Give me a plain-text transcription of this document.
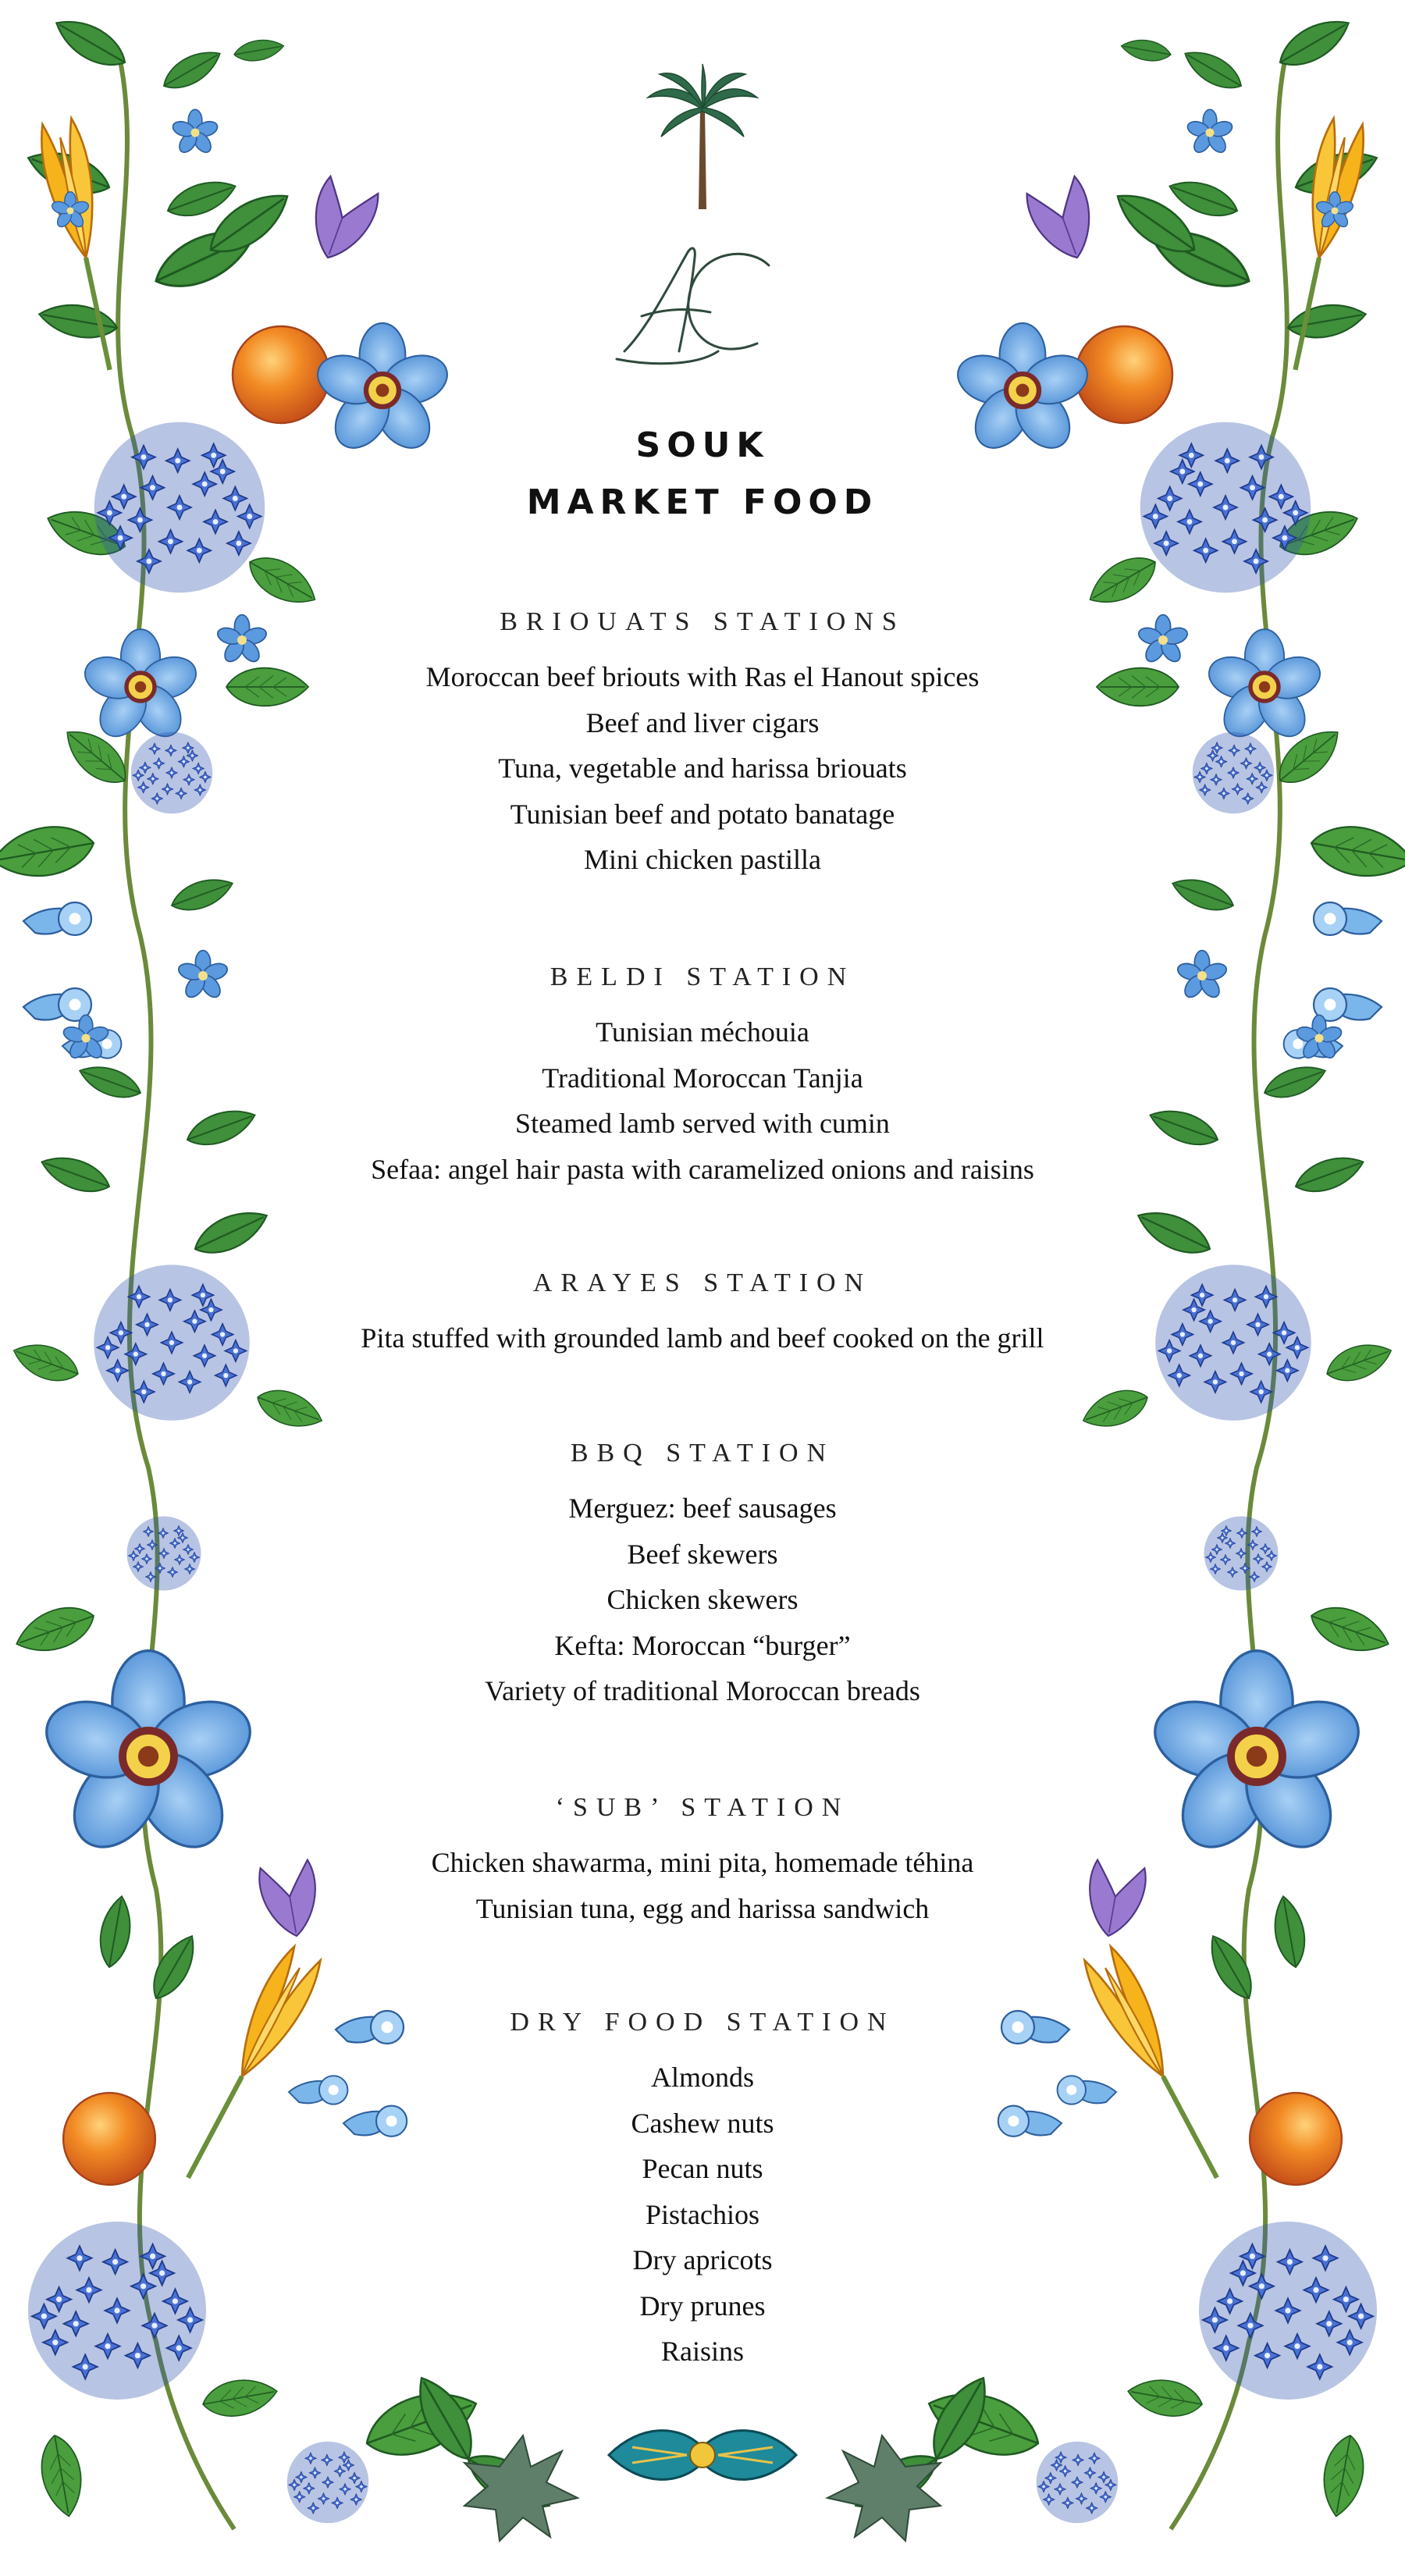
SOUK
MARKET FOOD
BRIOUATS STATIONS
Moroccan beef briouts with Ras el Hanout spices
Beef and liver cigars
Tuna, vegetable and harissa briouats
Tunisian beef and potato banatage
Mini chicken pastilla
BELDI STATION
Tunisian méchouia
Traditional Moroccan Tanjia
Steamed lamb served with cumin
Sefaa: angel hair pasta with caramelized onions and raisins
ARAYES STATION
Pita stuffed with grounded lamb and beef cooked on the grill
BBQ STATION
Merguez: beef sausages
Beef skewers
Chicken skewers
Kefta: Moroccan “burger”
Variety of traditional Moroccan breads
‘SUB’ STATION
Chicken shawarma, mini pita, homemade téhina
Tunisian tuna, egg and harissa sandwich
DRY FOOD STATION
Almonds
Cashew nuts
Pecan nuts
Pistachios
Dry apricots
Dry prunes
Raisins
